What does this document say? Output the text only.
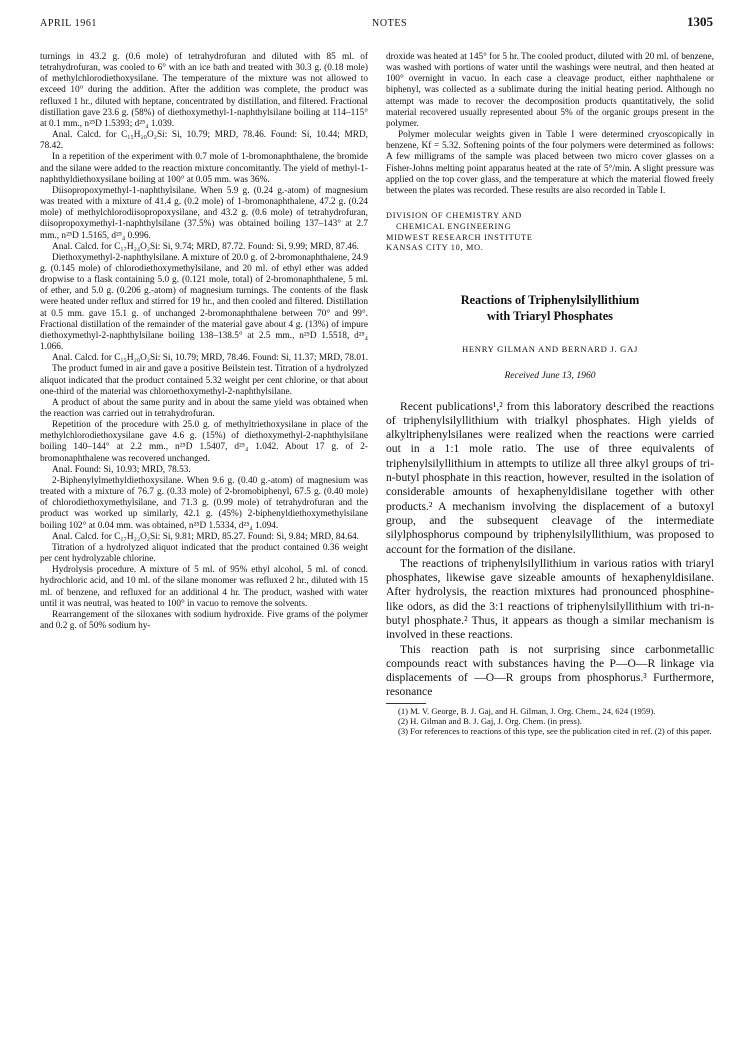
APRIL 1961	NOTES	1305

turnings in 43.2 g. (0.6 mole) of tetrahydrofuran and diluted with 85 ml. of tetrahydrofuran, was cooled to 6° with an ice bath and treated with 30.3 g. (0.18 mole) of methylchlorodiethoxysilane. The temperature of the mixture was not allowed to exceed 10° during the addition. After the addition was complete, the product was refluxed 1 hr., diluted with heptane, concentrated by distillation, and filtered. Fractional distillation gave 23.6 g. (58%) of diethoxymethyl-1-naphthylsilane boiling at 114–115° at 0.1 mm., n²⁵D 1.5393; d²⁵₄ 1.039.

Anal. Calcd. for C₁₅H₂₀O₂Si: Si, 10.79; MRD, 78.46. Found: Si, 10.44; MRD, 78.42.

In a repetition of the experiment with 0.7 mole of 1-bromonaphthalene, the bromide and the silane were added to the reaction mixture concomitantly. The yield of methyl-1-naphthyldiethoxysilane boiling at 100° at 0.05 mm. was 36%.

Diisopropoxymethyl-1-naphthylsilane. When 5.9 g. (0.24 g.-atom) of magnesium was treated with a mixture of 41.4 g. (0.2 mole) of 1-bromonaphthalene, 47.2 g. (0.24 mole) of methylchlorodiisopropoxysilane, and 43.2 g. (0.6 mole) of tetrahydrofuran, diisopropoxymethyl-1-naphthylsilane (37.5%) was obtained boiling 137–143° at 2.7 mm., n²⁵D 1.5165, d²⁵₄ 0.996.

Anal. Calcd. for C₁₇H₂₄O₂Si: Si, 9.74; MRD, 87.72. Found: Si, 9.99; MRD, 87.46.

Diethoxymethyl-2-naphthylsilane. A mixture of 20.0 g. of 2-bromonaphthalene, 24.9 g. (0.145 mole) of chlorodiethoxymethylsilane, and 20 ml. of ethyl ether was added dropwise to a flask containing 5.0 g. (0.121 mole, total) of 2-bromonaphthalene, 5 ml. of ether, and 5.0 g. (0.206 g.-atom) of magnesium turnings. The contents of the flask were heated under reflux and stirred for 19 hr., and then cooled and filtered. Distillation at 0.5 mm. gave 15.1 g. of unchanged 2-bromonaphthalene between 70° and 99°. Fractional distillation of the remainder of the material gave about 4 g. (13%) of impure diethoxymethyl-2-naphthylsilane boiling 138–138.5° at 2.5 mm., n²⁵D 1.5518, d²⁵₄ 1.066.

Anal. Calcd. for C₁₅H₂₀O₂Si: Si, 10.79; MRD, 78.46. Found: Si, 11.37; MRD, 78.01.

The product fumed in air and gave a positive Beilstein test. Titration of a hydrolyzed aliquot indicated that the product contained 5.32 weight per cent chlorine, or that about one-third of the material was chloroethoxymethyl-2-naphthylsilane.

A product of about the same purity and in about the same yield was obtained when the reaction was carried out in tetrahydrofuran.

Repetition of the procedure with 25.0 g. of methyltriethoxysilane in place of the methylchlorodiethoxysilane gave 4.6 g. (15%) of diethoxymethyl-2-naphthylsilane boiling 140–144° at 2.2 mm., n²⁵D 1.5407, d²⁵₄ 1.042. About 17 g. of 2-bromonaphthalene was recovered unchanged.

Anal. Found: Si, 10.93; MRD, 78.53.

2-Biphenylylmethyldiethoxysilane. When 9.6 g. (0.40 g.-atom) of magnesium was treated with a mixture of 76.7 g. (0.33 mole) of 2-bromobiphenyl, 67.5 g. (0.40 mole) of chlorodiethoxymethylsilane, and 71.3 g. (0.99 mole) of tetrahydrofuran and the product was worked up similarly, 42.1 g. (45%) 2-biphenyldiethoxymethylsilane boiling 102° at 0.04 mm. was obtained, n²⁵D 1.5334, d²⁵₄ 1.094.

Anal. Calcd. for C₁₇H₂₂O₂Si: Si, 9.81; MRD, 85.27. Found: Si, 9.84; MRD, 84.64.

Titration of a hydrolyzed aliquot indicated that the product contained 0.36 weight per cent hydrolyzable chlorine.

Hydrolysis procedure. A mixture of 5 ml. of 95% ethyl alcohol, 5 ml. of concd. hydrochloric acid, and 10 ml. of the silane monomer was refluxed 2 hr., diluted with 15 ml. of benzene, and refluxed for an additional 4 hr. The product, washed with water until it was neutral, was heated to 100° in vacuo to remove the solvents.

Rearrangement of the siloxanes with sodium hydroxide. Five grams of the polymer and 0.2 g. of 50% sodium hy-

droxide was heated at 145° for 5 hr. The cooled product, diluted with 20 ml. of benzene, was washed with portions of water until the washings were neutral, and then heated at 100° overnight in vacuo. In each case a cleavage product, either naphthalene or biphenyl, was collected as a sublimate during the initial heating period. Although no attempt was made to recover the decomposition products quantitatively, the solid material recovered usually represented about 5% of the organic groups present in the polymer.

Polymer molecular weights given in Table I were determined cryoscopically in benzene, Kf = 5.32. Softening points of the four polymers were determined as follows: A few milligrams of the sample was placed between two micro cover glasses on a Fisher-Johns melting point apparatus heated at the rate of 5°/min. A slight pressure was applied on the top cover glass, and the temperature at which the material flowed freely between the plates was recorded. These results are also recorded in Table I.

DIVISION OF CHEMISTRY AND
CHEMICAL ENGINEERING
MIDWEST RESEARCH INSTITUTE
KANSAS CITY 10, MO.
Reactions of Triphenylsilyllithium
with Triaryl Phosphates
HENRY GILMAN AND BERNARD J. GAJ
Received June 13, 1960

Recent publications¹,² from this laboratory described the reactions of triphenylsilyllithium with trialkyl phosphates. High yields of alkyltriphenylsilanes were realized when the reactions were carried out in a 1:1 mole ratio. The use of three equivalents of triphenylsilyllithium in attempts to utilize all three alkyl groups of tri-n-butyl phosphate in this reaction, however, resulted in the isolation of considerable amounts of hexaphenyldisilane together with other products.² A mechanism involving the displacement of a butoxyl group, and the subsequent cleavage of the intermediate silylphosphorus compound by triphenylsilyllithium, was proposed to account for the formation of the disilane.

The reactions of triphenylsilyllithium in various ratios with triaryl phosphates, likewise gave sizeable amounts of hexaphenyldisilane. After hydrolysis, the reaction mixtures had pronounced phosphine-like odors, as did the 3:1 reactions of triphenylsilyllithium with tri-n-butyl phosphate.² Thus, it appears as though a similar mechanism is involved in these reactions.

This reaction path is not surprising since carbonmetallic compounds react with substances having the P—O—R linkage via displacements of —O—R groups from phosphorus.³ Furthermore, resonance

(1) M. V. George, B. J. Gaj, and H. Gilman, J. Org. Chem., 24, 624 (1959).

(2) H. Gilman and B. J. Gaj, J. Org. Chem. (in press).

(3) For references to reactions of this type, see the publication cited in ref. (2) of this paper.
